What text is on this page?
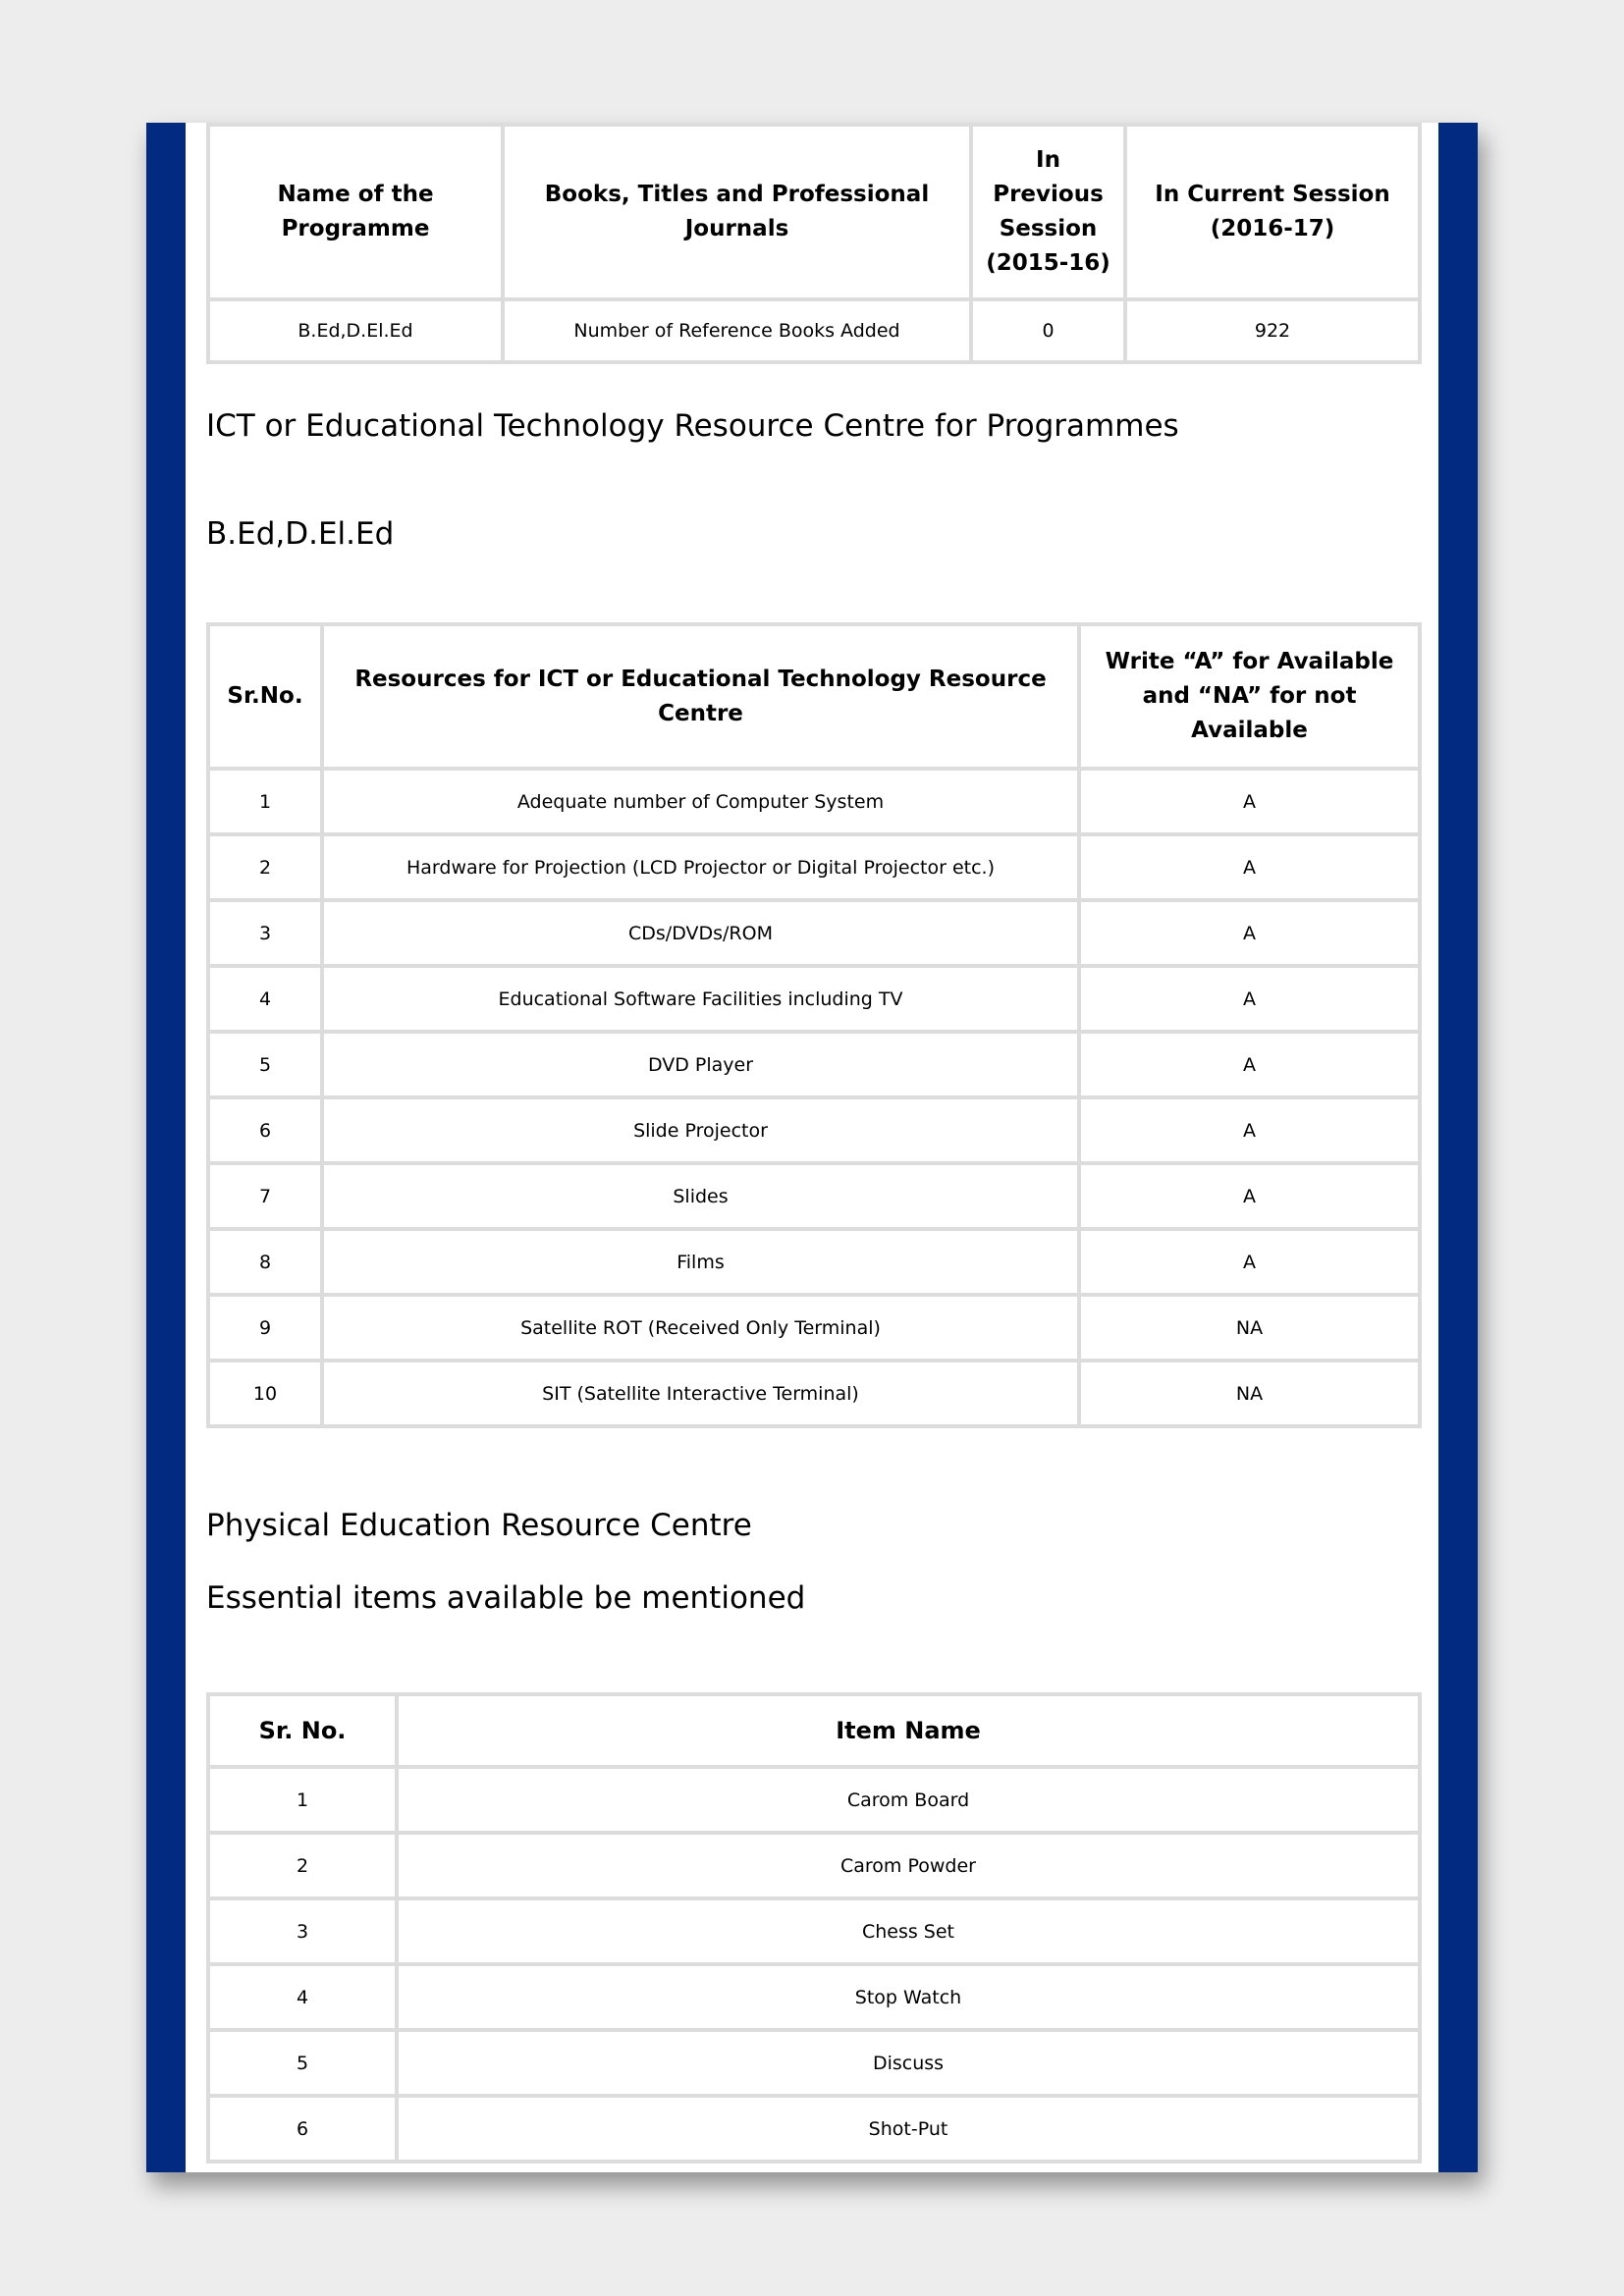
Name of the Programme	Books, Titles and Professional Journals	In Previous Session (2015-16)	In Current Session (2016-17)
B.Ed,D.El.Ed	Number of Reference Books Added	0	922
ICT or Educational Technology Resource Centre for Programmes
B.Ed,D.El.Ed
Sr.No.	Resources for ICT or Educational Technology Resource Centre	Write “A” for Available and “NA” for not Available
1	Adequate number of Computer System	A
2	Hardware for Projection (LCD Projector or Digital Projector etc.)	A
3	CDs/DVDs/ROM	A
4	Educational Software Facilities including TV	A
5	DVD Player	A
6	Slide Projector	A
7	Slides	A
8	Films	A
9	Satellite ROT (Received Only Terminal)	NA
10	SIT (Satellite Interactive Terminal)	NA
Physical Education Resource Centre
Essential items available be mentioned
Sr. No.	Item Name
1	Carom Board
2	Carom Powder
3	Chess Set
4	Stop Watch
5	Discuss
6	Shot-Put
